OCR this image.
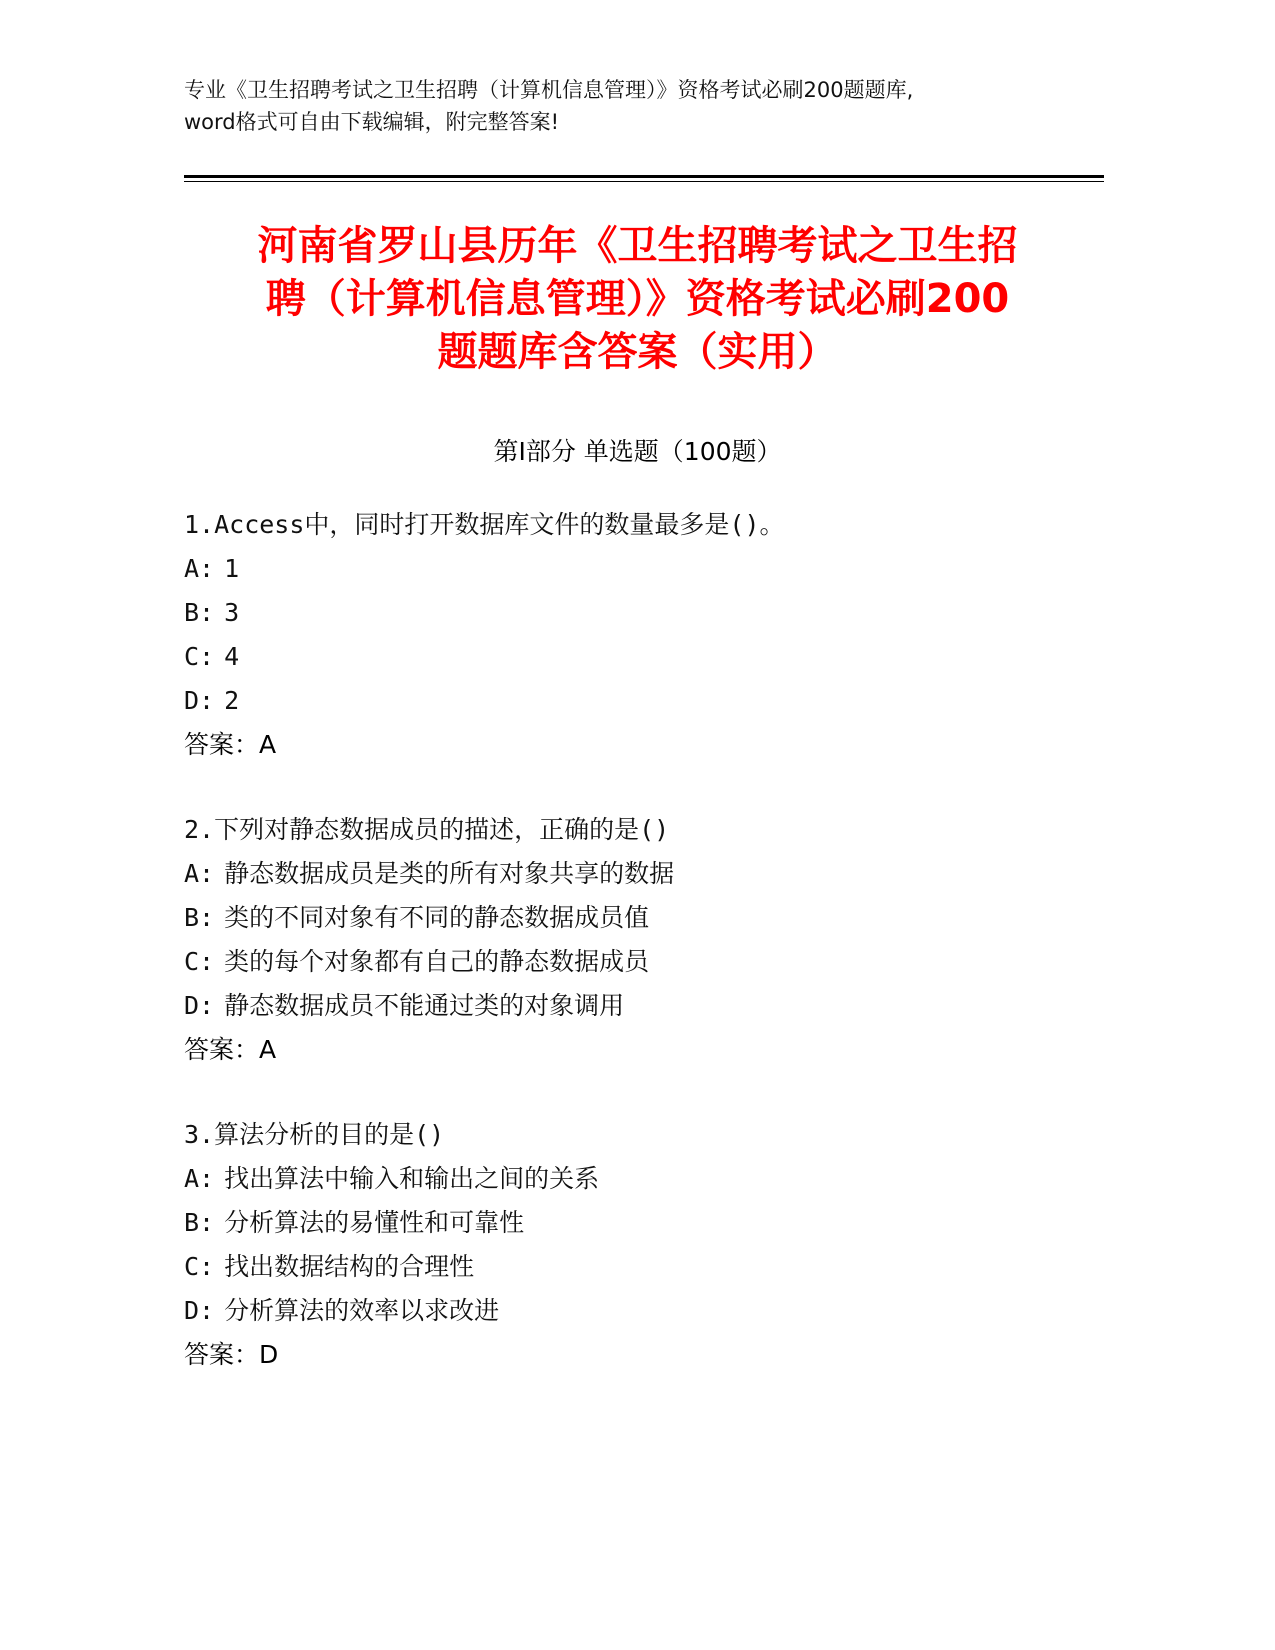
专业《卫生招聘考试之卫生招聘（计算机信息管理）》资格考试必刷200题题库,
word格式可自由下载编辑，附完整答案!
河南省罗山县历年《卫生招聘考试之卫生招
聘（计算机信息管理）》资格考试必刷200
题题库含答案（实用）
第I部分 单选题（100题）
1.Access中，同时打开数据库文件的数量最多是()。
A: 1
B: 3
C: 4
D: 2
答案：A
2.下列对静态数据成员的描述，正确的是()
A: 静态数据成员是类的所有对象共享的数据
B: 类的不同对象有不同的静态数据成员值
C: 类的每个对象都有自己的静态数据成员
D: 静态数据成员不能通过类的对象调用
答案：A
3.算法分析的目的是()
A: 找出算法中输入和输出之间的关系
B: 分析算法的易懂性和可靠性
C: 找出数据结构的合理性
D: 分析算法的效率以求改进
答案：D
